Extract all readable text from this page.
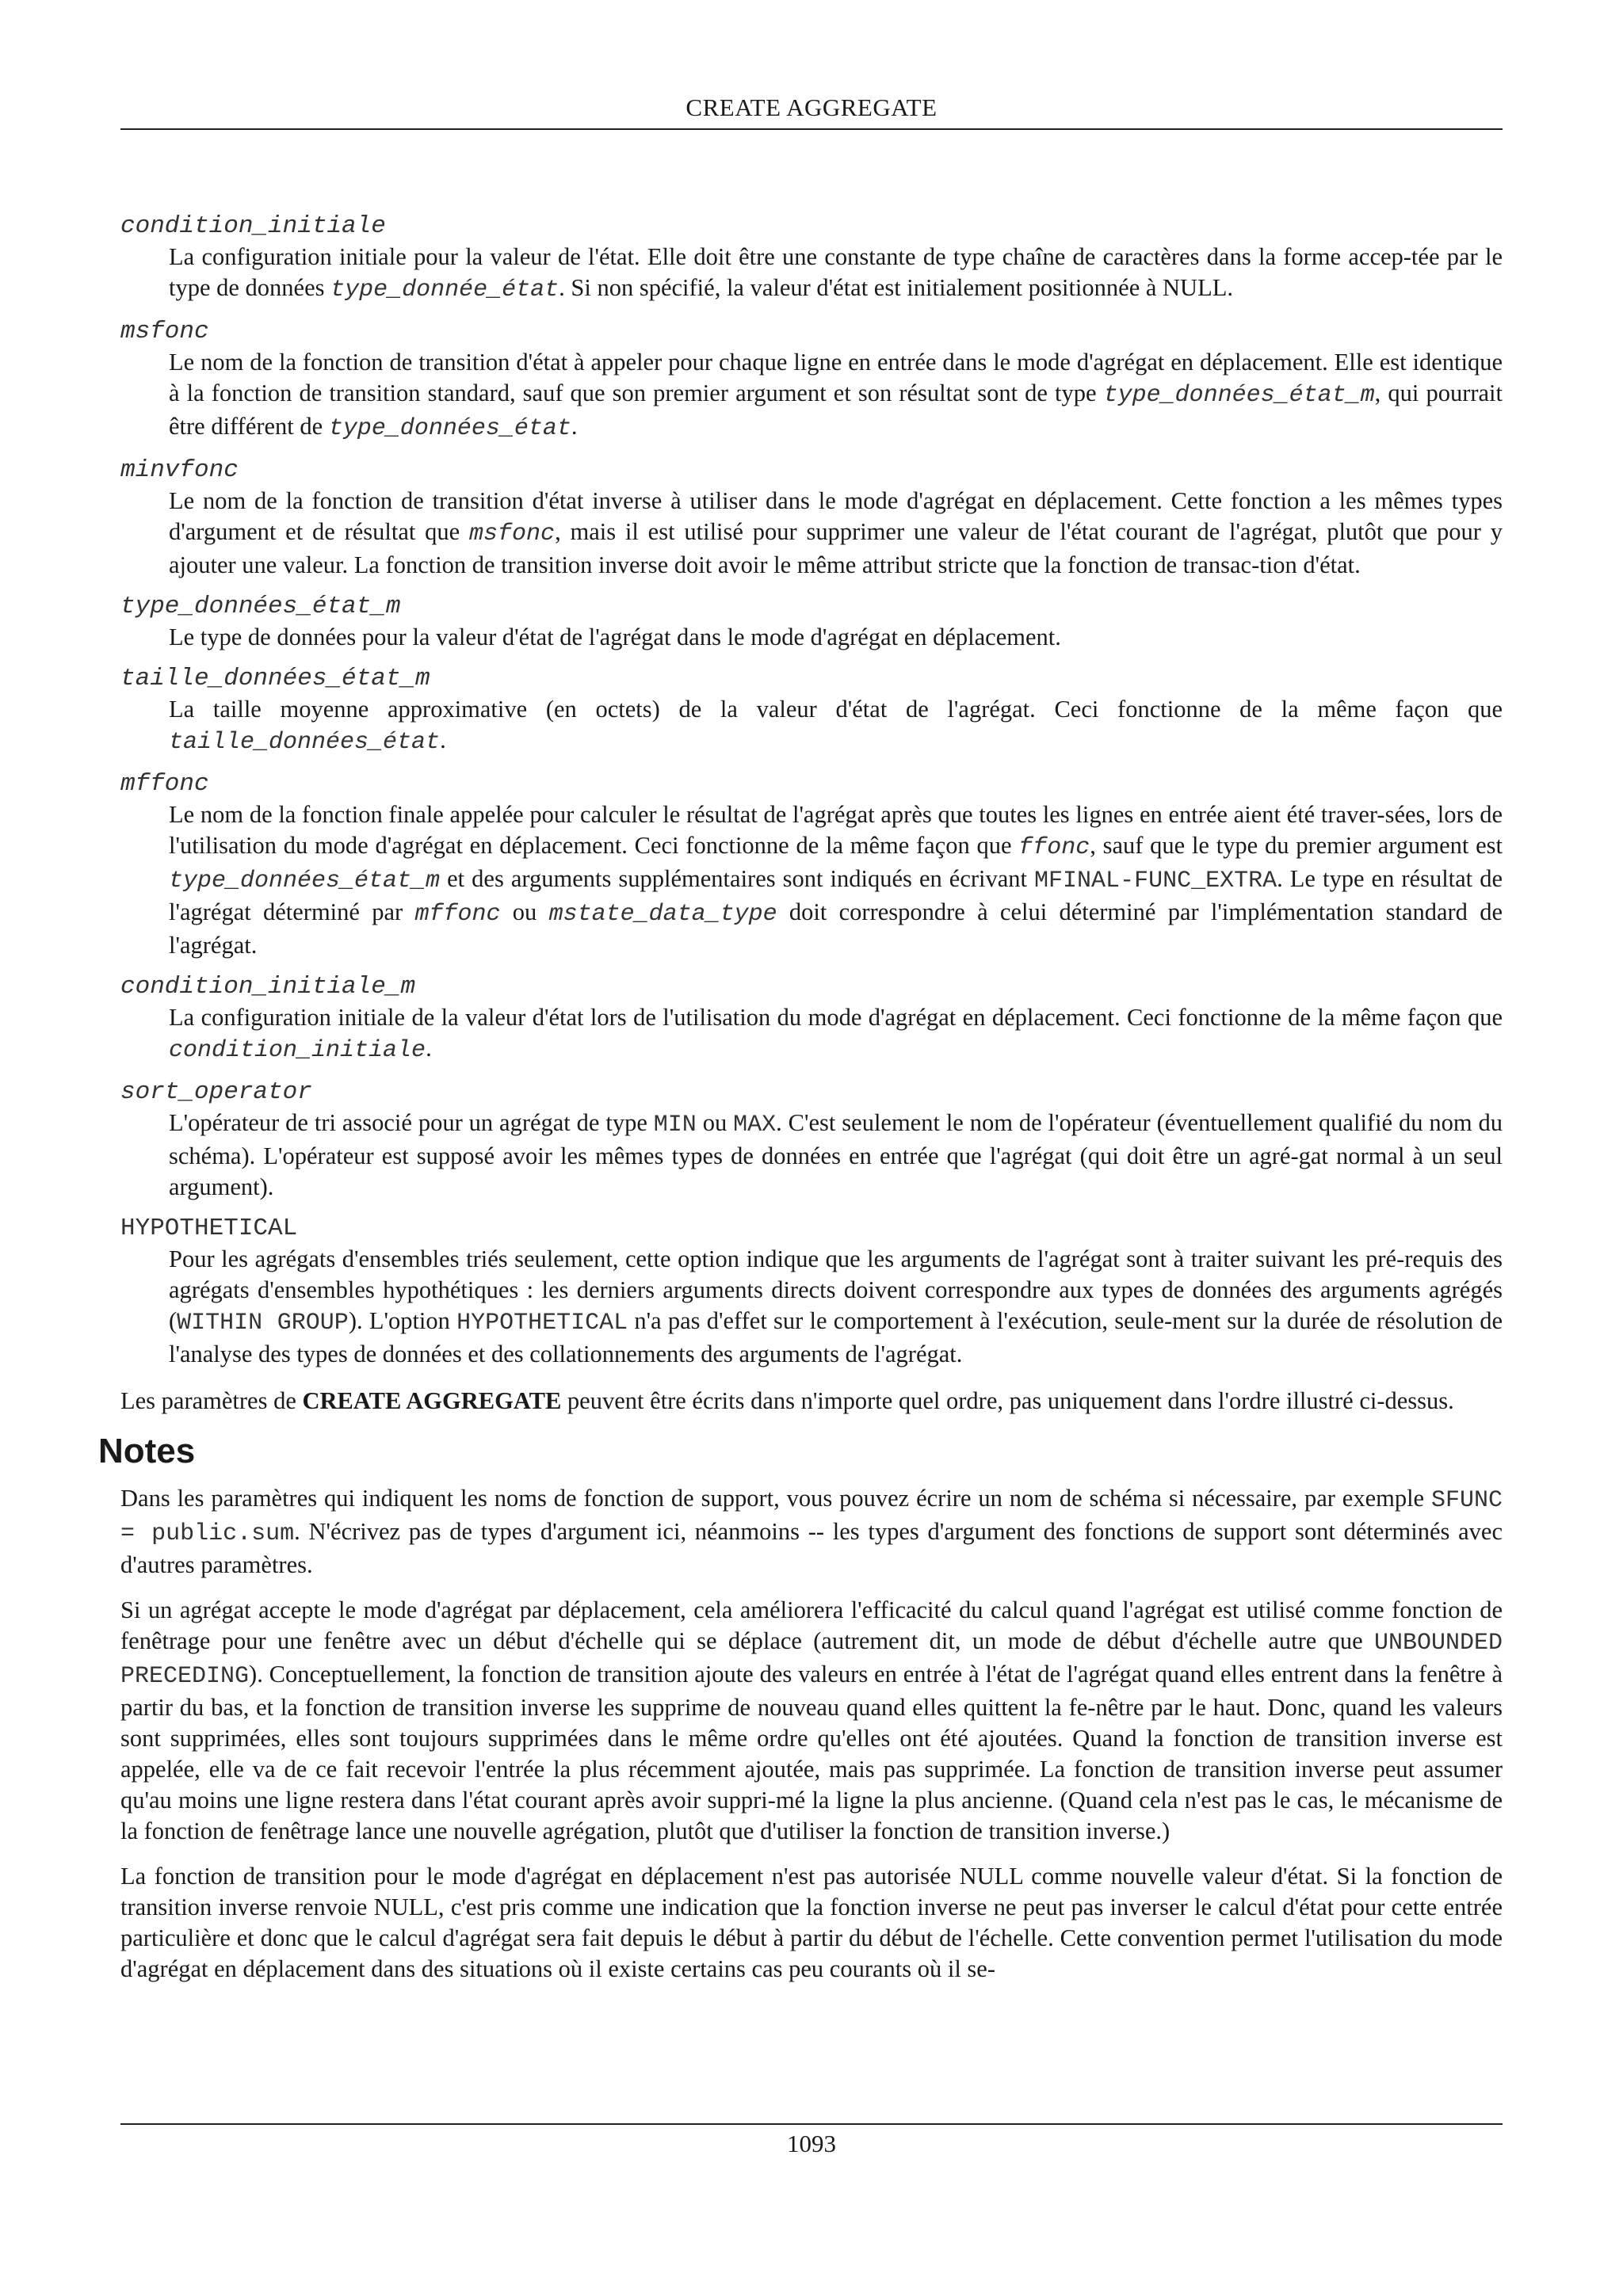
CREATE AGGREGATE
condition_initiale
La configuration initiale pour la valeur de l'état. Elle doit être une constante de type chaîne de caractères dans la forme accep-tée par le type de données type_donnée_état. Si non spécifié, la valeur d'état est initialement positionnée à NULL.
msfonc
Le nom de la fonction de transition d'état à appeler pour chaque ligne en entrée dans le mode d'agrégat en déplacement. Elle est identique à la fonction de transition standard, sauf que son premier argument et son résultat sont de type type_données_état_m, qui pourrait être différent de type_données_état.
minvfonc
Le nom de la fonction de transition d'état inverse à utiliser dans le mode d'agrégat en déplacement. Cette fonction a les mêmes types d'argument et de résultat que msfonc, mais il est utilisé pour supprimer une valeur de l'état courant de l'agrégat, plutôt que pour y ajouter une valeur. La fonction de transition inverse doit avoir le même attribut stricte que la fonction de transac-tion d'état.
type_données_état_m
Le type de données pour la valeur d'état de l'agrégat dans le mode d'agrégat en déplacement.
taille_données_état_m
La taille moyenne approximative (en octets) de la valeur d'état de l'agrégat. Ceci fonctionne de la même façon que taille_données_état.
mffonc
Le nom de la fonction finale appelée pour calculer le résultat de l'agrégat après que toutes les lignes en entrée aient été traver-sées, lors de l'utilisation du mode d'agrégat en déplacement. Ceci fonctionne de la même façon que ffonc, sauf que le type du premier argument est type_données_état_m et des arguments supplémentaires sont indiqués en écrivant MFINAL-FUNC_EXTRA. Le type en résultat de l'agrégat déterminé par mffonc ou mstate_data_type doit correspondre à celui déterminé par l'implémentation standard de l'agrégat.
condition_initiale_m
La configuration initiale de la valeur d'état lors de l'utilisation du mode d'agrégat en déplacement. Ceci fonctionne de la même façon que condition_initiale.
sort_operator
L'opérateur de tri associé pour un agrégat de type MIN ou MAX. C'est seulement le nom de l'opérateur (éventuellement qualifié du nom du schéma). L'opérateur est supposé avoir les mêmes types de données en entrée que l'agrégat (qui doit être un agré-gat normal à un seul argument).
HYPOTHETICAL
Pour les agrégats d'ensembles triés seulement, cette option indique que les arguments de l'agrégat sont à traiter suivant les pré-requis des agrégats d'ensembles hypothétiques : les derniers arguments directs doivent correspondre aux types de données des arguments agrégés (WITHIN GROUP). L'option HYPOTHETICAL n'a pas d'effet sur le comportement à l'exécution, seule-ment sur la durée de résolution de l'analyse des types de données et des collationnements des arguments de l'agrégat.

Les paramètres de CREATE AGGREGATE peuvent être écrits dans n'importe quel ordre, pas uniquement dans l'ordre illustré ci-dessus.

Notes

Dans les paramètres qui indiquent les noms de fonction de support, vous pouvez écrire un nom de schéma si nécessaire, par exemple SFUNC = public.sum. N'écrivez pas de types d'argument ici, néanmoins -- les types d'argument des fonctions de support sont déterminés avec d'autres paramètres.

Si un agrégat accepte le mode d'agrégat par déplacement, cela améliorera l'efficacité du calcul quand l'agrégat est utilisé comme fonction de fenêtrage pour une fenêtre avec un début d'échelle qui se déplace (autrement dit, un mode de début d'échelle autre que UNBOUNDED PRECEDING). Conceptuellement, la fonction de transition ajoute des valeurs en entrée à l'état de l'agrégat quand elles entrent dans la fenêtre à partir du bas, et la fonction de transition inverse les supprime de nouveau quand elles quittent la fe-nêtre par le haut. Donc, quand les valeurs sont supprimées, elles sont toujours supprimées dans le même ordre qu'elles ont été ajoutées. Quand la fonction de transition inverse est appelée, elle va de ce fait recevoir l'entrée la plus récemment ajoutée, mais pas supprimée. La fonction de transition inverse peut assumer qu'au moins une ligne restera dans l'état courant après avoir suppri-mé la ligne la plus ancienne. (Quand cela n'est pas le cas, le mécanisme de la fonction de fenêtrage lance une nouvelle agrégation, plutôt que d'utiliser la fonction de transition inverse.)

La fonction de transition pour le mode d'agrégat en déplacement n'est pas autorisée NULL comme nouvelle valeur d'état. Si la fonction de transition inverse renvoie NULL, c'est pris comme une indication que la fonction inverse ne peut pas inverser le calcul d'état pour cette entrée particulière et donc que le calcul d'agrégat sera fait depuis le début à partir du début de l'échelle. Cette convention permet l'utilisation du mode d'agrégat en déplacement dans des situations où il existe certains cas peu courants où il se-

1093
